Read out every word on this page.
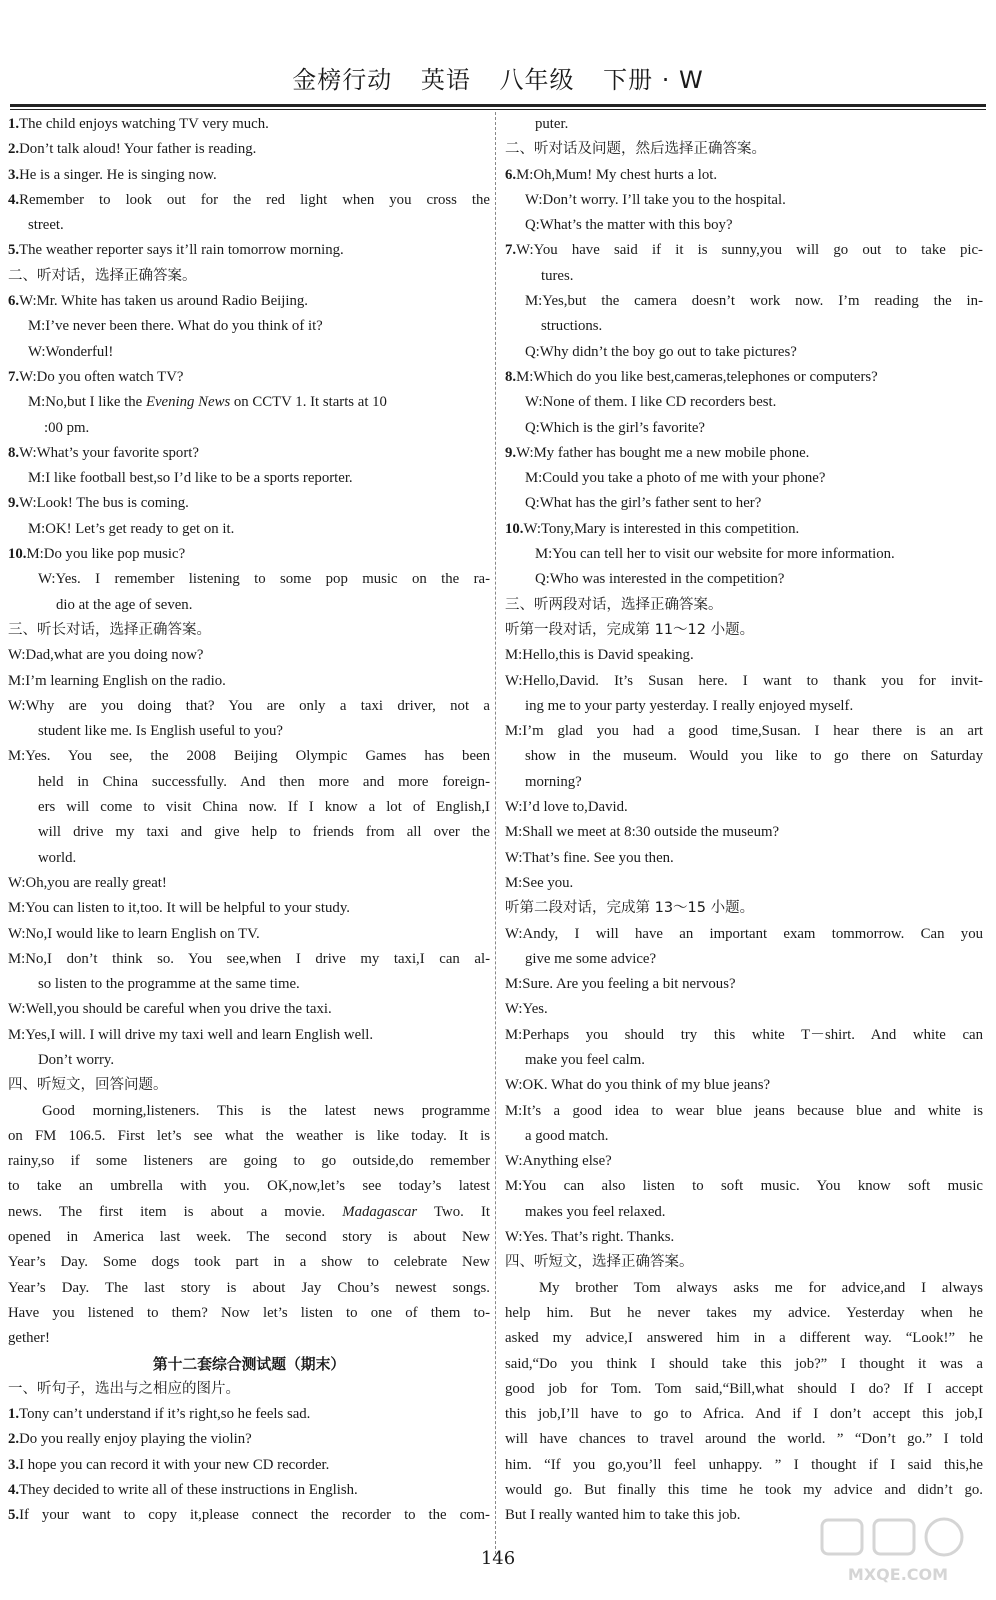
金榜行动 英语 八年级 下册 · W
1.The child enjoys watching TV very much.
2.Don’t talk aloud! Your father is reading.
3.He is a singer. He is singing now.
4.Remember to look out for the red light when you cross the
street.
5.The weather reporter says it’ll rain tomorrow morning.
二、听对话，选择正确答案。
6.W:Mr. White has taken us around Radio Beijing.
M:I’ve never been there. What do you think of it?
W:Wonderful!
7.W:Do you often watch TV?
M:No,but I like the Evening News on CCTV 1. It starts at 10
:00 pm.
8.W:What’s your favorite sport?
M:I like football best,so I’d like to be a sports reporter.
9.W:Look! The bus is coming.
M:OK! Let’s get ready to get on it.
10.M:Do you like pop music?
W:Yes. I remember listening to some pop music on the ra-
dio at the age of seven.
三、听长对话，选择正确答案。
W:Dad,what are you doing now?
M:I’m learning English on the radio.
W:Why are you doing that? You are only a taxi driver, not a
student like me. Is English useful to you?
M:Yes. You see, the 2008 Beijing Olympic Games has been
held in China successfully. And then more and more foreign-
ers will come to visit China now. If I know a lot of English,I
will drive my taxi and give help to friends from all over the
world.
W:Oh,you are really great!
M:You can listen to it,too. It will be helpful to your study.
W:No,I would like to learn English on TV.
M:No,I don’t think so. You see,when I drive my taxi,I can al-
so listen to the programme at the same time.
W:Well,you should be careful when you drive the taxi.
M:Yes,I will. I will drive my taxi well and learn English well.
Don’t worry.
四、听短文，回答问题。
Good morning,listeners. This is the latest news programme
on FM 106.5. First let’s see what the weather is like today. It is
rainy,so if some listeners are going to go outside,do remember
to take an umbrella with you. OK,now,let’s see today’s latest
news. The first item is about a movie. Madagascar Two. It
opened in America last week. The second story is about New
Year’s Day. Some dogs took part in a show to celebrate New
Year’s Day. The last story is about Jay Chou’s newest songs.
Have you listened to them? Now let’s listen to one of them to-
gether!
第十二套综合测试题（期末）
一、听句子，选出与之相应的图片。
1.Tony can’t understand if it’s right,so he feels sad.
2.Do you really enjoy playing the violin?
3.I hope you can record it with your new CD recorder.
4.They decided to write all of these instructions in English.
5.If your want to copy it,please connect the recorder to the com-
puter.
二、听对话及问题，然后选择正确答案。
6.M:Oh,Mum! My chest hurts a lot.
W:Don’t worry. I’ll take you to the hospital.
Q:What’s the matter with this boy?
7.W:You have said if it is sunny,you will go out to take pic-
tures.
M:Yes,but the camera doesn’t work now. I’m reading the in-
structions.
Q:Why didn’t the boy go out to take pictures?
8.M:Which do you like best,cameras,telephones or computers?
W:None of them. I like CD recorders best.
Q:Which is the girl’s favorite?
9.W:My father has bought me a new mobile phone.
M:Could you take a photo of me with your phone?
Q:What has the girl’s father sent to her?
10.W:Tony,Mary is interested in this competition.
M:You can tell her to visit our website for more information.
Q:Who was interested in the competition?
三、听两段对话，选择正确答案。
听第一段对话，完成第 11～12 小题。
M:Hello,this is David speaking.
W:Hello,David. It’s Susan here. I want to thank you for invit-
ing me to your party yesterday. I really enjoyed myself.
M:I’m glad you had a good time,Susan. I hear there is an art
show in the museum. Would you like to go there on Saturday
morning?
W:I’d love to,David.
M:Shall we meet at 8:30 outside the museum?
W:That’s fine. See you then.
M:See you.
听第二段对话，完成第 13～15 小题。
W:Andy, I will have an important exam tommorrow. Can you
give me some advice?
M:Sure. Are you feeling a bit nervous?
W:Yes.
M:Perhaps you should try this white T－shirt. And white can
make you feel calm.
W:OK. What do you think of my blue jeans?
M:It’s a good idea to wear blue jeans because blue and white is
a good match.
W:Anything else?
M:You can also listen to soft music. You know soft music
makes you feel relaxed.
W:Yes. That’s right. Thanks.
四、听短文，选择正确答案。
My brother Tom always asks me for advice,and I always
help him. But he never takes my advice. Yesterday when he
asked my advice,I answered him in a different way. “Look!” he
said,“Do you think I should take this job?” I thought it was a
good job for Tom. Tom said,“Bill,what should I do? If I accept
this job,I’ll have to go to Africa. And if I don’t accept this job,I
will have chances to travel around the world. ” “Don’t go.” I told
him. “If you go,you’ll feel unhappy. ” I thought if I said this,he
would go. But finally this time he took my advice and didn’t go.
But I really wanted him to take this job.
146
MXQE.COM
